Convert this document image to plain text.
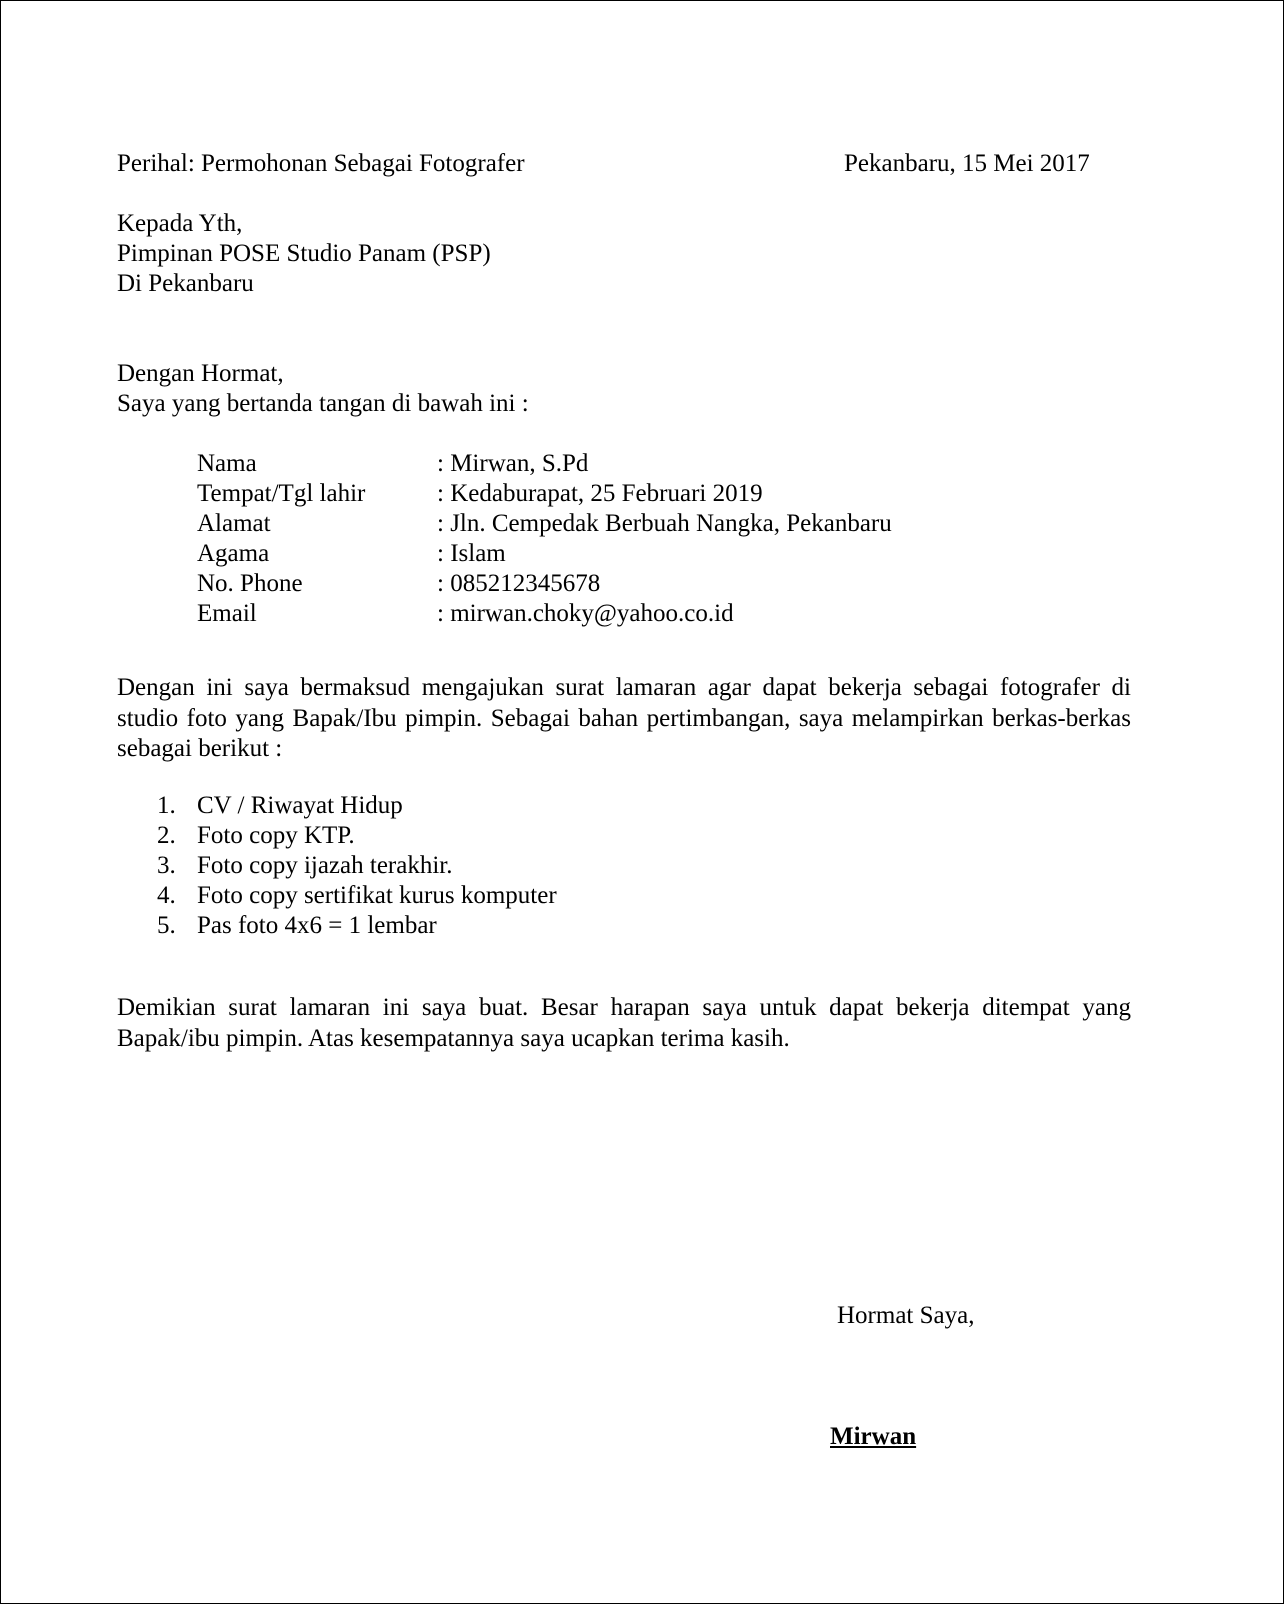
Perihal: Permohonan Sebagai Fotografer	Pekanbaru, 15 Mei 2017
Kepada Yth,
Pimpinan POSE Studio Panam (PSP)
Di Pekanbaru
Dengan Hormat,
Saya yang bertanda tangan di bawah ini :
Nama	: Mirwan, S.Pd
Tempat/Tgl lahir	: Kedaburapat, 25 Februari 2019
Alamat	: Jln. Cempedak Berbuah Nangka, Pekanbaru
Agama	: Islam
No. Phone	: 085212345678
Email	: mirwan.choky@yahoo.co.id
Dengan ini saya bermaksud mengajukan surat lamaran agar dapat bekerja sebagai fotografer di studio foto yang Bapak/Ibu pimpin. Sebagai bahan pertimbangan, saya melampirkan berkas-berkas sebagai berikut :
1. CV / Riwayat Hidup
2. Foto copy KTP.
3. Foto copy ijazah terakhir.
4. Foto copy sertifikat kurus komputer
5. Pas foto 4x6 = 1 lembar
Demikian surat lamaran ini saya buat. Besar harapan saya untuk dapat bekerja ditempat yang Bapak/ibu pimpin. Atas kesempatannya saya ucapkan terima kasih.
Hormat Saya,
Mirwan
